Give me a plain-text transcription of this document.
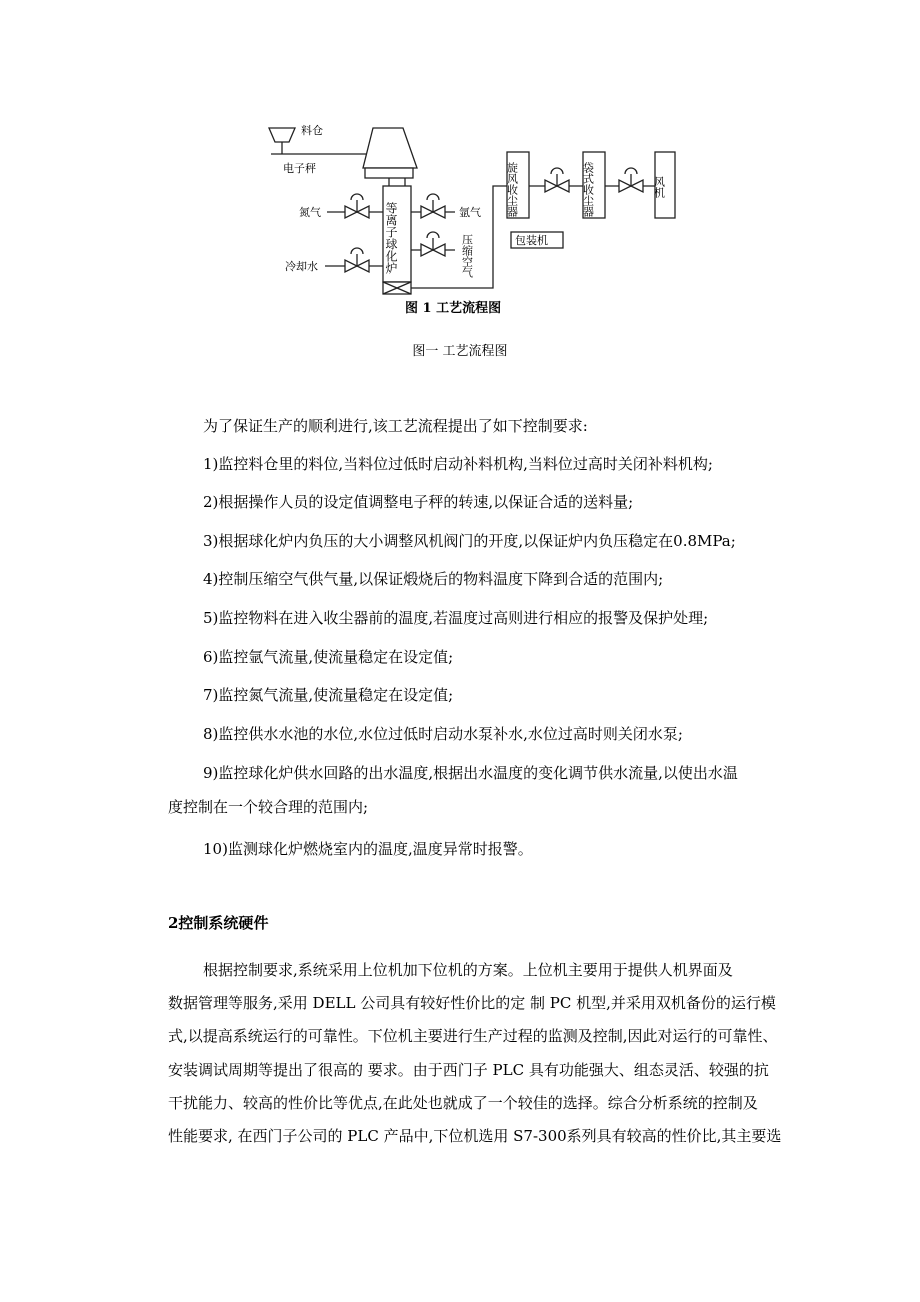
料仓
电子秤
等离子球化炉
氮气	氩气
压缩空气
冷却水
旋风收尘器
包装机
袋式收尘器	风机
图 1 工艺流程图
图一 工艺流程图
为了保证生产的顺利进行,该工艺流程提出了如下控制要求:
1)监控料仓里的料位,当料位过低时启动补料机构,当料位过高时关闭补料机构;
2)根据操作人员的设定值调整电子秤的转速,以保证合适的送料量;
3)根据球化炉内负压的大小调整风机阀门的开度,以保证炉内负压稳定在0.8MPa;
4)控制压缩空气供气量,以保证煅烧后的物料温度下降到合适的范围内;
5)监控物料在进入收尘器前的温度,若温度过高则进行相应的报警及保护处理;
6)监控氩气流量,使流量稳定在设定值;
7)监控氮气流量,使流量稳定在设定值;
8)监控供水水池的水位,水位过低时启动水泵补水,水位过高时则关闭水泵;
9)监控球化炉供水回路的出水温度,根据出水温度的变化调节供水流量,以使出水温
度控制在一个较合理的范围内;
10)监测球化炉燃烧室内的温度,温度异常时报警。
2控制系统硬件
根据控制要求,系统采用上位机加下位机的方案。上位机主要用于提供人机界面及
数据管理等服务,采用 DELL 公司具有较好性价比的定 制 PC 机型,并采用双机备份的运行模
式,以提高系统运行的可靠性。下位机主要进行生产过程的监测及控制,因此对运行的可靠性、
安装调试周期等提出了很高的 要求。由于西门子 PLC 具有功能强大、组态灵活、较强的抗
干扰能力、较高的性价比等优点,在此处也就成了一个较佳的选择。综合分析系统的控制及
性能要求, 在西门子公司的 PLC 产品中,下位机选用 S7-300系列具有较高的性价比,其主要选
